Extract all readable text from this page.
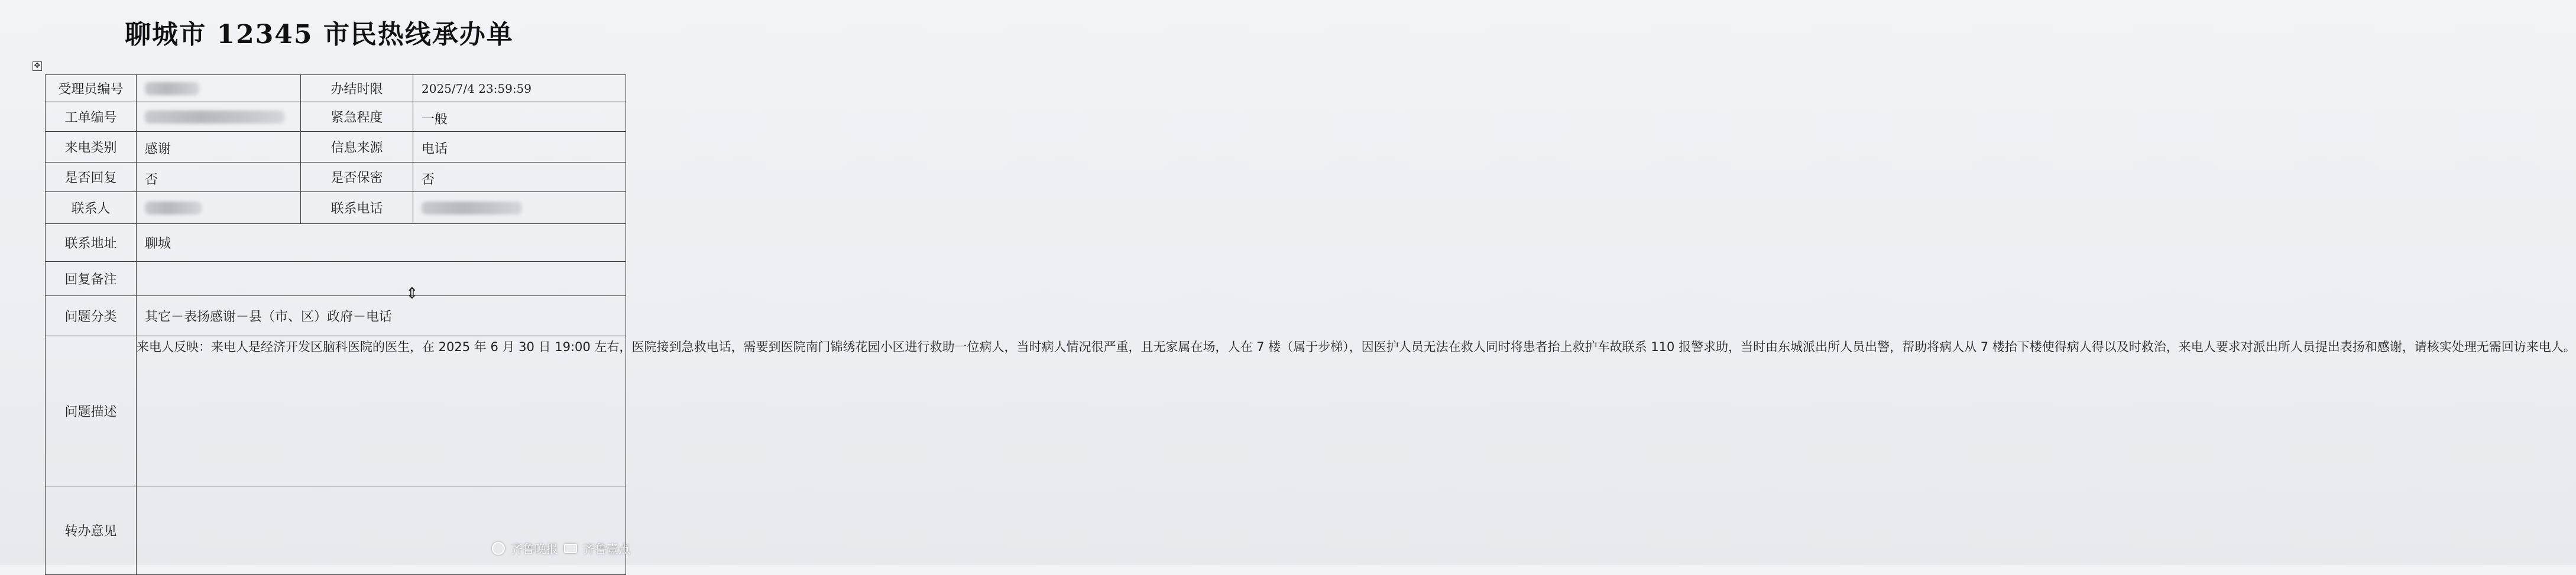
聊城市 12345 市民热线承办单
✥
受理员编号		办结时限	2025/7/4 23:59:59
工单编号		紧急程度	一般
来电类别	感谢	信息来源	电话
是否回复	否	是否保密	否
联系人		联系电话	
联系地址	聊城		
回复备注			
问题分类	其它－表扬感谢－县（市、区）政府－电话		
问题描述	来电人反映：来电人是经济开发区脑科医院的医生，在 2025 年 6 月 30 日 19:00 左右，医院接到急救电话，需要到医院南门锦绣花园小区进行救助一位病人，当时病人情况很严重，且无家属在场，人在 7 楼（属于步梯），因医护人员无法在救人同时将患者抬上救护车故联系 110 报警求助，当时由东城派出所人员出警，帮助将病人从 7 楼抬下楼使得病人得以及时救治，来电人要求对派出所人员提出表扬和感谢，请核实处理无需回访来电人。		
转办意见			
⇕
齐鲁晚报 齐鲁壹点
